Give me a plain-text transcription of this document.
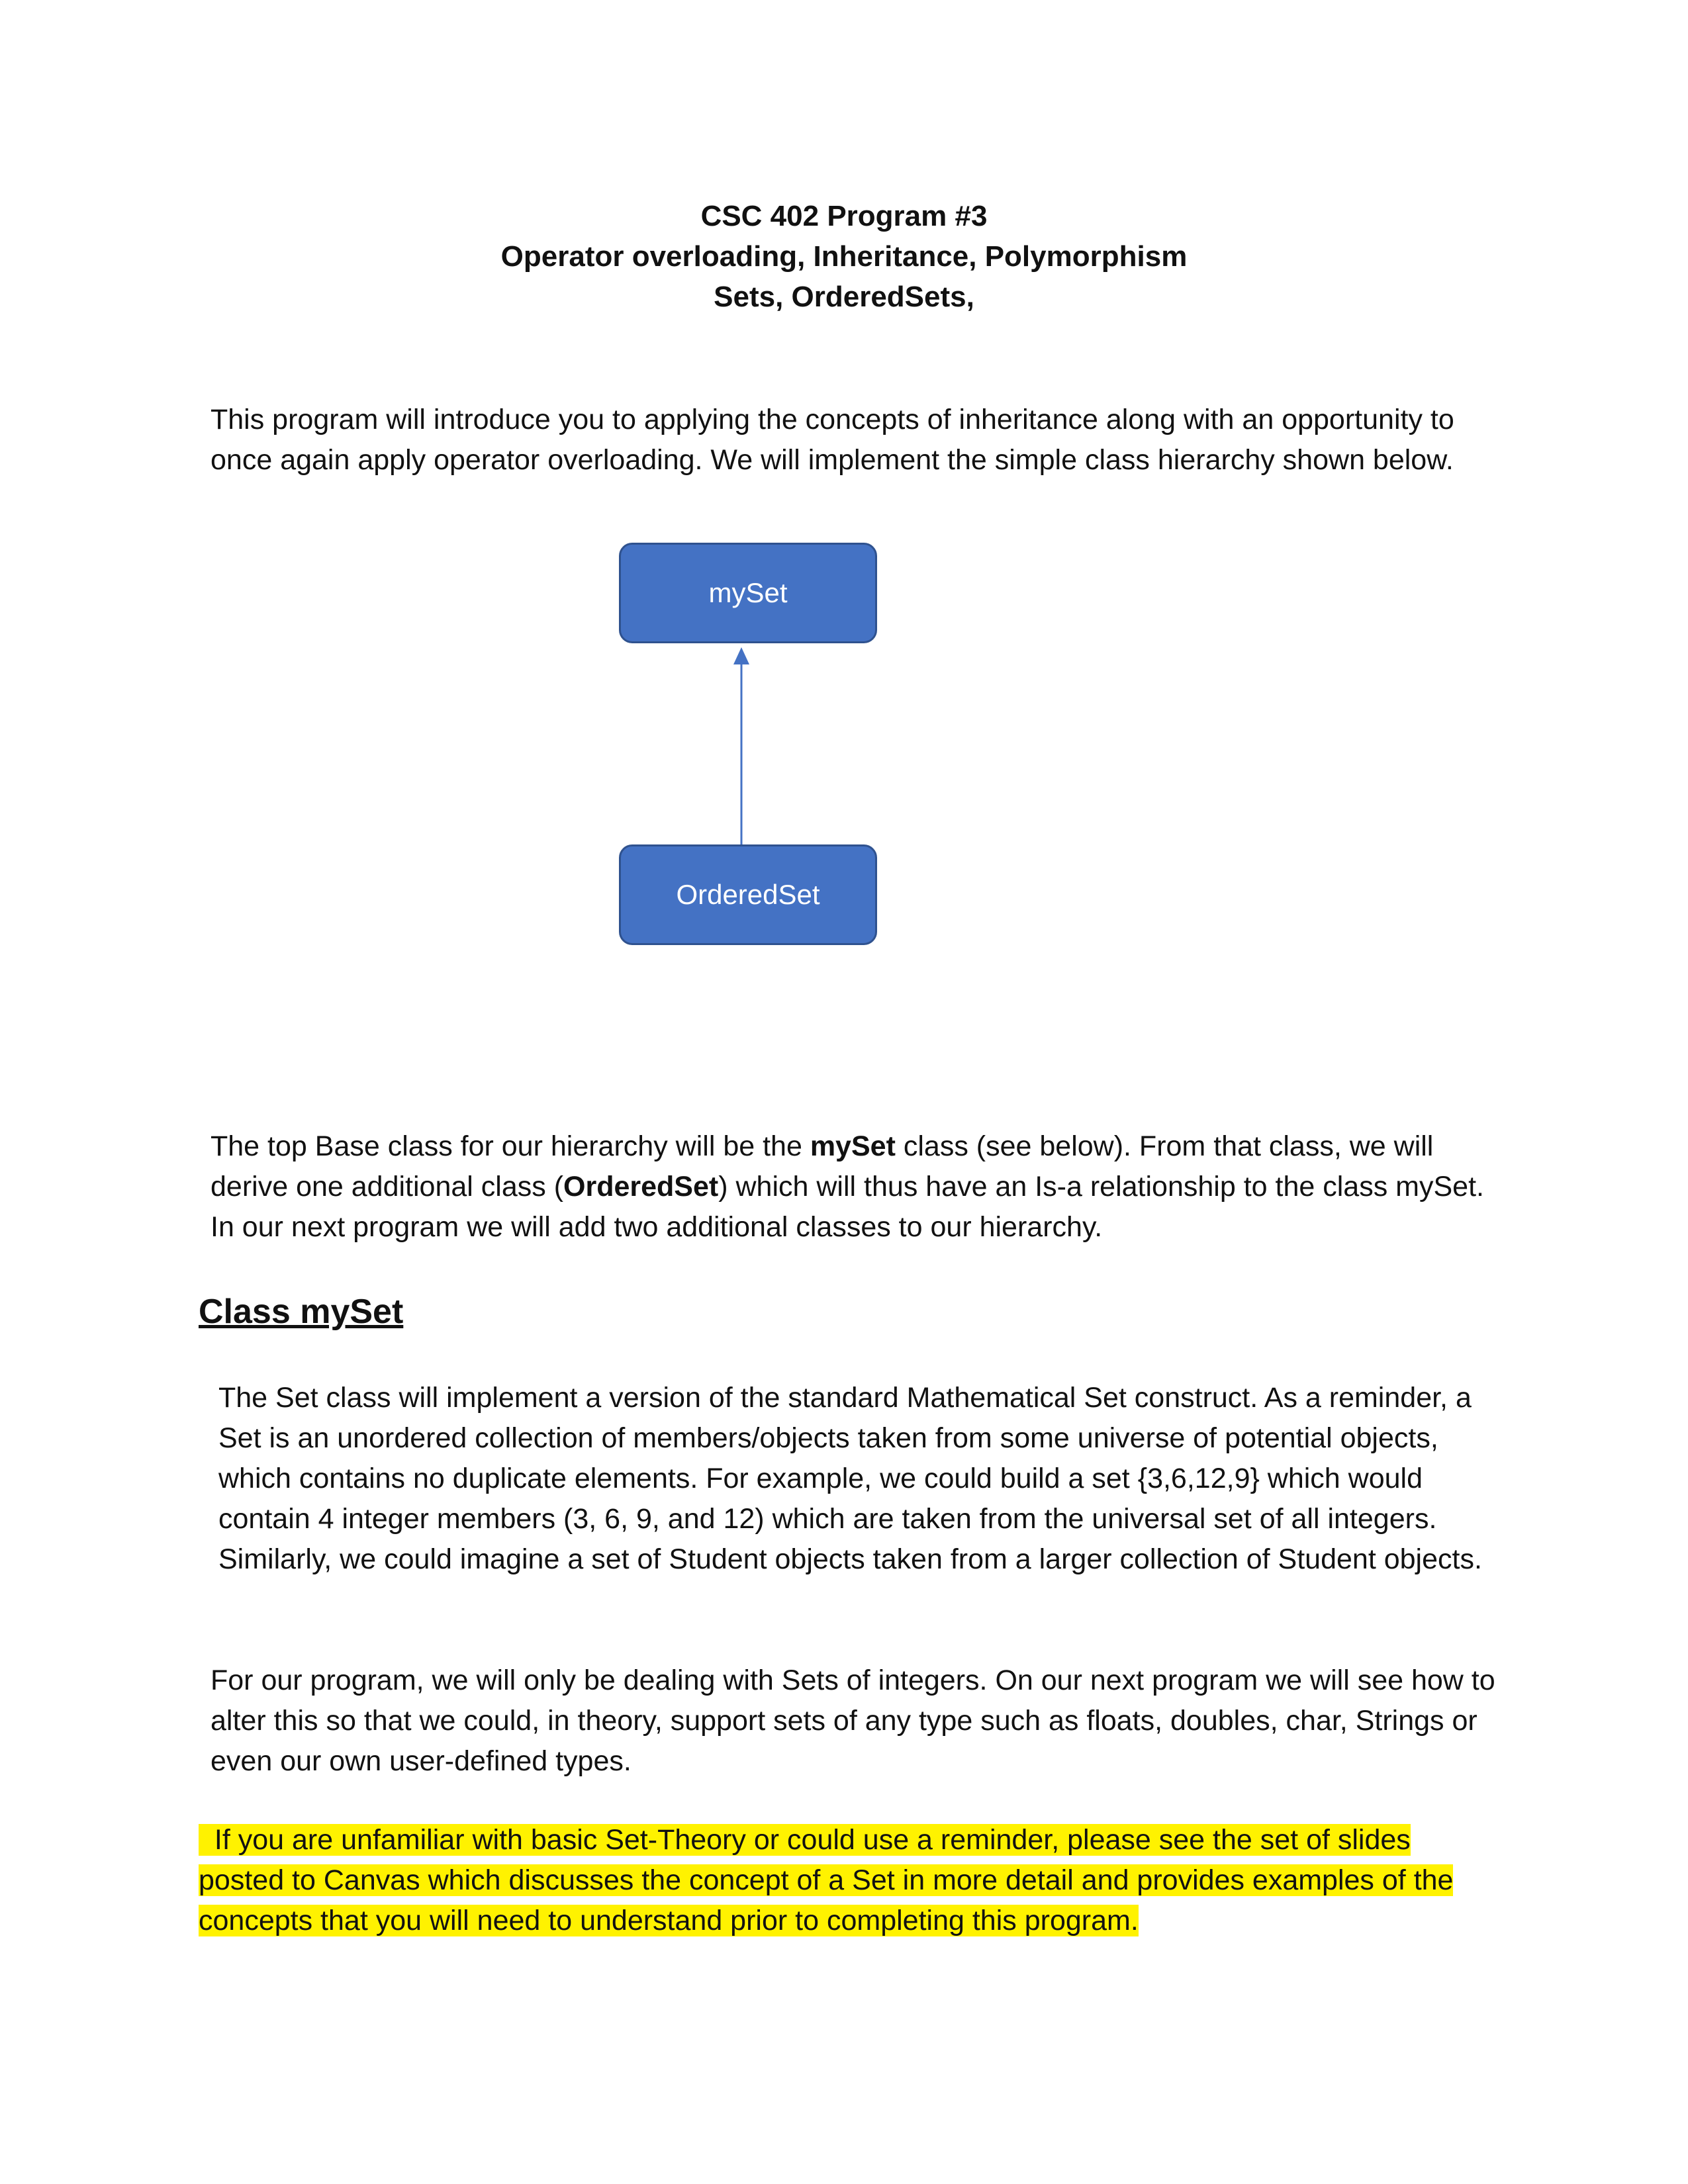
CSC 402 Program #3
Operator overloading, Inheritance, Polymorphism
Sets, OrderedSets,

This program will introduce you to applying the concepts of inheritance along with an opportunity to once again apply operator overloading. We will implement the simple class hierarchy shown below.

mySet
OrderedSet

The top Base class for our hierarchy will be the mySet class (see below). From that class, we will derive one additional class (OrderedSet) which will thus have an Is-a relationship to the class mySet. In our next program we will add two additional classes to our hierarchy.

Class mySet

The Set class will implement a version of the standard Mathematical Set construct. As a reminder, a Set is an unordered collection of members/objects taken from some universe of potential objects, which contains no duplicate elements. For example, we could build a set {3,6,12,9} which would contain 4 integer members (3, 6, 9, and 12) which are taken from the universal set of all integers. Similarly, we could imagine a set of Student objects taken from a larger collection of Student objects.

For our program, we will only be dealing with Sets of integers. On our next program we will see how to alter this so that we could, in theory, support sets of any type such as floats, doubles, char, Strings or even our own user-defined types.

If you are unfamiliar with basic Set-Theory or could use a reminder, please see the set of slides posted to Canvas which discusses the concept of a Set in more detail and provides examples of the concepts that you will need to understand prior to completing this program.
